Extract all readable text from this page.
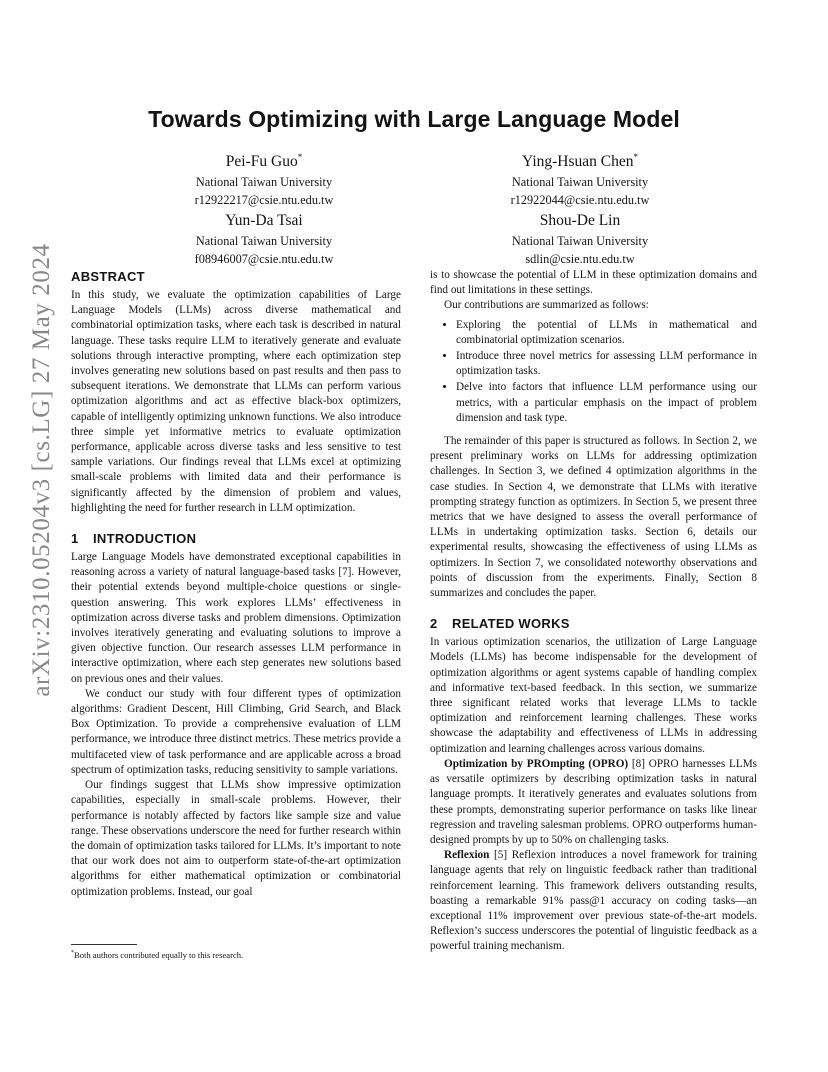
arXiv:2310.05204v3 [cs.LG] 27 May 2024
Towards Optimizing with Large Language Model
Pei-Fu Guo*
National Taiwan University
r12922217@csie.ntu.edu.tw
Ying-Hsuan Chen*
National Taiwan University
r12922044@csie.ntu.edu.tw
Yun-Da Tsai
National Taiwan University
f08946007@csie.ntu.edu.tw
Shou-De Lin
National Taiwan University
sdlin@csie.ntu.edu.tw
ABSTRACT

In this study, we evaluate the optimization capabilities of Large Language Models (LLMs) across diverse mathematical and combinatorial optimization tasks, where each task is described in natural language. These tasks require LLM to iteratively generate and evaluate solutions through interactive prompting, where each optimization step involves generating new solutions based on past results and then pass to subsequent iterations. We demonstrate that LLMs can perform various optimization algorithms and act as effective black-box optimizers, capable of intelligently optimizing unknown functions. We also introduce three simple yet informative metrics to evaluate optimization performance, applicable across diverse tasks and less sensitive to test sample variations. Our findings reveal that LLMs excel at optimizing small-scale problems with limited data and their performance is significantly affected by the dimension of problem and values, highlighting the need for further research in LLM optimization.

1 INTRODUCTION

Large Language Models have demonstrated exceptional capabilities in reasoning across a variety of natural language-based tasks [7]. However, their potential extends beyond multiple-choice questions or single-question answering. This work explores LLMs’ effectiveness in optimization across diverse tasks and problem dimensions. Optimization involves iteratively generating and evaluating solutions to improve a given objective function. Our research assesses LLM performance in interactive optimization, where each step generates new solutions based on previous ones and their values.

We conduct our study with four different types of optimization algorithms: Gradient Descent, Hill Climbing, Grid Search, and Black Box Optimization. To provide a comprehensive evaluation of LLM performance, we introduce three distinct metrics. These metrics provide a multifaceted view of task performance and are applicable across a broad spectrum of optimization tasks, reducing sensitivity to sample variations.

Our findings suggest that LLMs show impressive optimization capabilities, especially in small-scale problems. However, their performance is notably affected by factors like sample size and value range. These observations underscore the need for further research within the domain of optimization tasks tailored for LLMs. It’s important to note that our work does not aim to outperform state-of-the-art optimization algorithms for either mathematical optimization or combinatorial optimization problems. Instead, our goal

is to showcase the potential of LLM in these optimization domains and find out limitations in these settings.

Our contributions are summarized as follows:

• Exploring the potential of LLMs in mathematical and combinatorial optimization scenarios.
• Introduce three novel metrics for assessing LLM performance in optimization tasks.
• Delve into factors that influence LLM performance using our metrics, with a particular emphasis on the impact of problem dimension and task type.

The remainder of this paper is structured as follows. In Section 2, we present preliminary works on LLMs for addressing optimization challenges. In Section 3, we defined 4 optimization algorithms in the case studies. In Section 4, we demonstrate that LLMs with iterative prompting strategy function as optimizers. In Section 5, we present three metrics that we have designed to assess the overall performance of LLMs in undertaking optimization tasks. Section 6, details our experimental results, showcasing the effectiveness of using LLMs as optimizers. In Section 7, we consolidated noteworthy observations and points of discussion from the experiments. Finally, Section 8 summarizes and concludes the paper.

2 RELATED WORKS

In various optimization scenarios, the utilization of Large Language Models (LLMs) has become indispensable for the development of optimization algorithms or agent systems capable of handling complex and informative text-based feedback. In this section, we summarize three significant related works that leverage LLMs to tackle optimization and reinforcement learning challenges. These works showcase the adaptability and effectiveness of LLMs in addressing optimization and learning challenges across various domains.

Optimization by PROmpting (OPRO) [8] OPRO harnesses LLMs as versatile optimizers by describing optimization tasks in natural language prompts. It iteratively generates and evaluates solutions from these prompts, demonstrating superior performance on tasks like linear regression and traveling salesman problems. OPRO outperforms human-designed prompts by up to 50% on challenging tasks.

Reflexion [5] Reflexion introduces a novel framework for training language agents that rely on linguistic feedback rather than traditional reinforcement learning. This framework delivers outstanding results, boasting a remarkable 91% pass@1 accuracy on coding tasks—an exceptional 11% improvement over previous state-of-the-art models. Reflexion’s success underscores the potential of linguistic feedback as a powerful training mechanism.

*Both authors contributed equally to this research.
